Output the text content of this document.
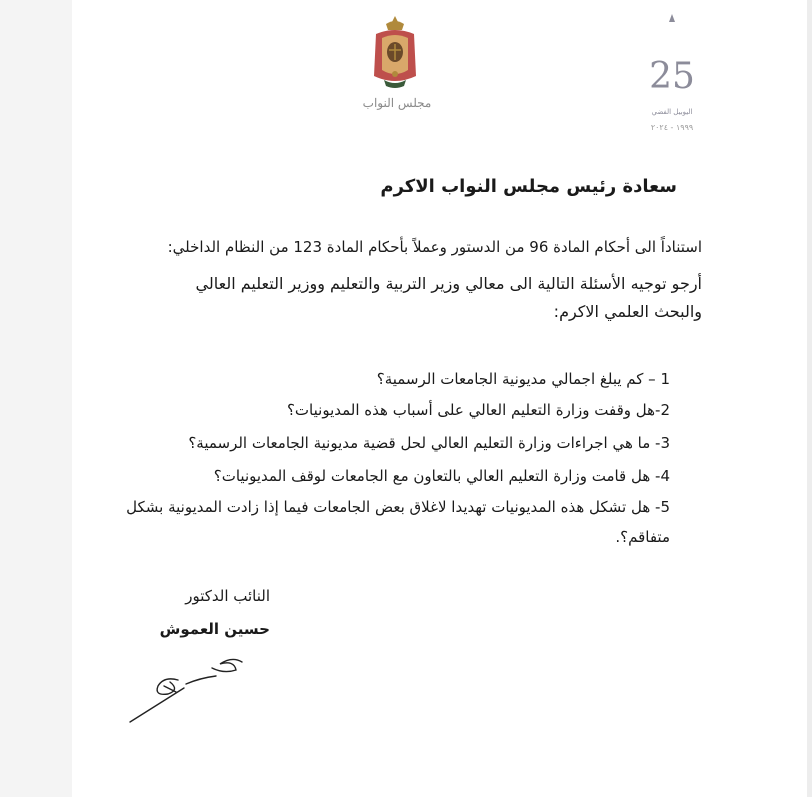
مجلس النواب
25
اليوبيل الفضي
١٩٩٩ - ٢٠٢٤
سعادة رئيس مجلس النواب الاكرم
استناداً الى أحكام المادة 96 من الدستور وعملاً بأحكام المادة 123 من النظام الداخلي:
أرجو توجيه الأسئلة التالية الى معالي وزير التربية والتعليم ووزير التعليم العالي
والبحث العلمي الاكرم:
1 – كم يبلغ اجمالي مديونية الجامعات الرسمية؟
2-هل وقفت وزارة التعليم العالي على أسباب هذه المديونيات؟
3- ما هي اجراءات وزارة التعليم العالي لحل قضية مديونية الجامعات الرسمية؟
4- هل قامت وزارة التعليم العالي بالتعاون مع الجامعات لوقف المديونيات؟
5- هل تشكل هذه المديونيات تهديدا لاغلاق بعض الجامعات فيما إذا زادت المديونية بشكل
متفاقم؟.
النائب الدكتور
حسين العموش
